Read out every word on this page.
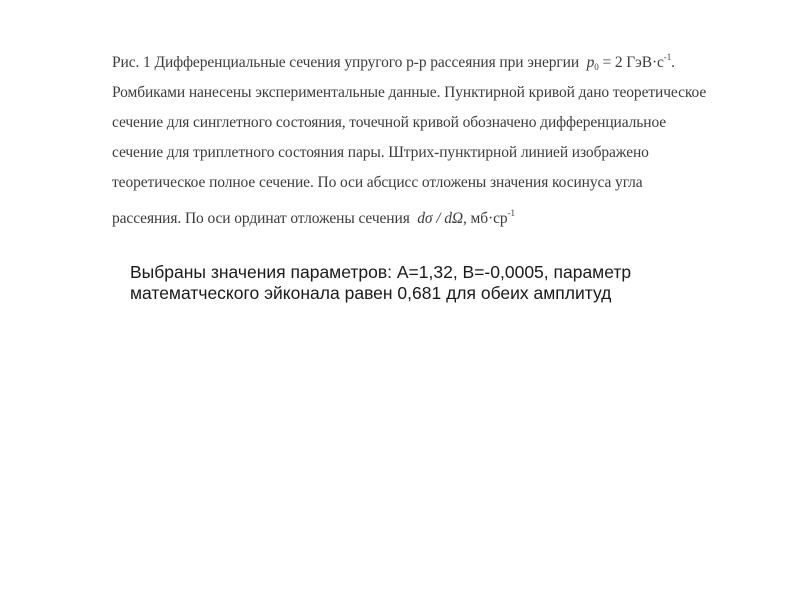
Рис. 1 Дифференциальные сечения упругого p-p рассеяния при энергии $p_0 = 2$ $ГэВ\cdot c^{-1}$.
Ромбиками нанесены экспериментальные данные. Пунктирной кривой дано теоретическое
сечение для синглетного состояния, точечной кривой обозначено дифференциальное
сечение для триплетного состояния пары. Штрих-пунктирной линией изображено
теоретическое полное сечение. По оси абсцисс отложены значения косинуса угла
рассеяния. По оси ординат отложены сечения dσ / dΩ, $мб\cdot ср^{-1}$
Выбраны значения параметров: A=1,32, B=-0,0005, параметр математческого эйконала равен 0,681 для обеих амплитуд
